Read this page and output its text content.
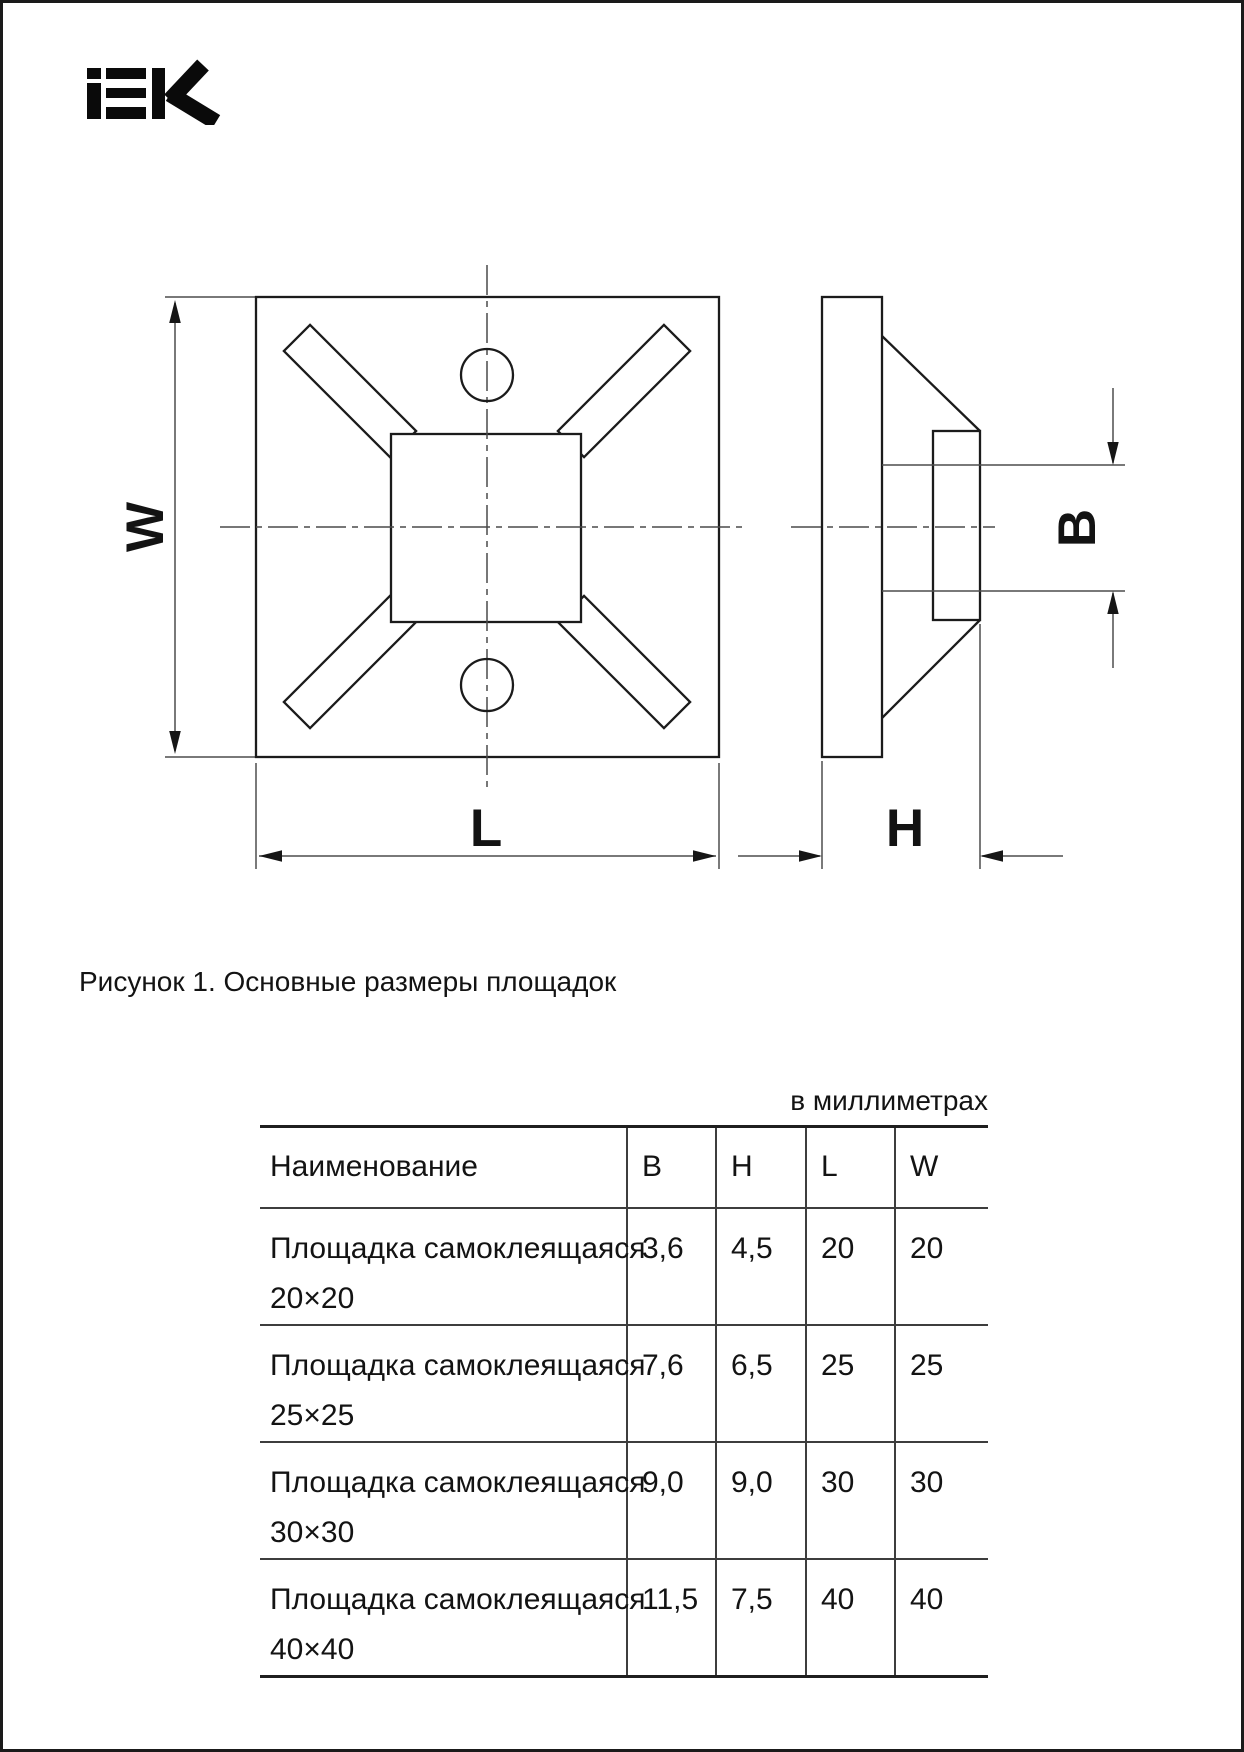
W
L	H
B
Рисунок 1. Основные размеры площадок
в миллиметрах
Наименование	B	H	L	W
Площадка самоклеящаяся
20×20	3,6	4,5	20	20
Площадка самоклеящаяся
25×25	7,6	6,5	25	25
Площадка самоклеящаяся
30×30	9,0	9,0	30	30
Площадка самоклеящаяся
40×40	11,5	7,5	40	40
